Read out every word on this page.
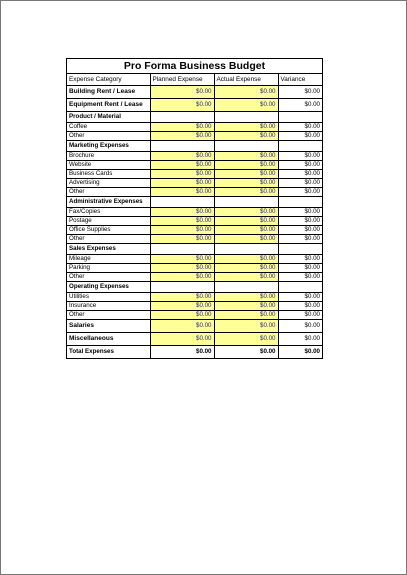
Pro Forma Business Budget
Expense Category	Planned Expense	Actual Expense	Variance
Building Rent / Lease	$0.00	$0.00	$0.00
Equipment Rent / Lease	$0.00	$0.00	$0.00
Product / Material			
Coffee	$0.00	$0.00	$0.00
Other	$0.00	$0.00	$0.00
Marketing Expenses			
Brochure	$0.00	$0.00	$0.00
Website	$0.00	$0.00	$0.00
Business Cards	$0.00	$0.00	$0.00
Advertising	$0.00	$0.00	$0.00
Other	$0.00	$0.00	$0.00
Administrative Expenses			
Fax/Copies	$0.00	$0.00	$0.00
Postage	$0.00	$0.00	$0.00
Office Supplies	$0.00	$0.00	$0.00
Other	$0.00	$0.00	$0.00
Sales Expenses			
Mileage	$0.00	$0.00	$0.00
Parking	$0.00	$0.00	$0.00
Other	$0.00	$0.00	$0.00
Operating Expenses			
Utilities	$0.00	$0.00	$0.00
Insurance	$0.00	$0.00	$0.00
Other	$0.00	$0.00	$0.00
Salaries	$0.00	$0.00	$0.00
Miscellaneous	$0.00	$0.00	$0.00
Total Expenses	$0.00	$0.00	$0.00
